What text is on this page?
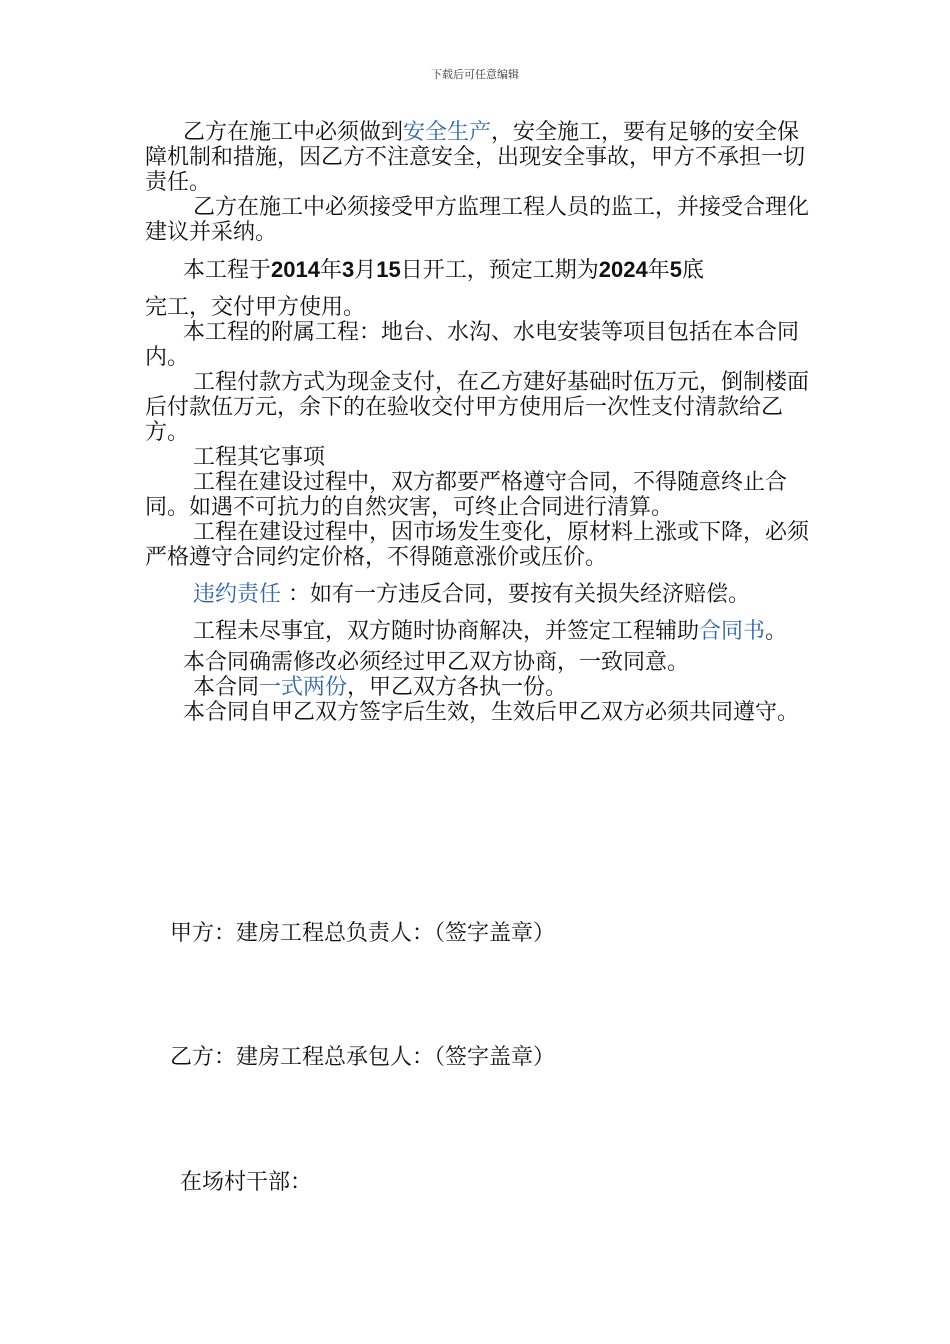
下载后可任意编辑

乙方在施工中必须做到安全生产，安全施工，要有足够的安全保障机制和措施，因乙方不注意安全，出现安全事故，甲方不承担一切责任。

乙方在施工中必须接受甲方监理工程人员的监工，并接受合理化建议并采纳。

本工程于2014年3月15日开工，预定工期为2024年5底

完工，交付甲方使用。

本工程的附属工程：地台、水沟、水电安装等项目包括在本合同内。

工程付款方式为现金支付，在乙方建好基础时伍万元，倒制楼面后付款伍万元，余下的在验收交付甲方使用后一次性支付清款给乙方。

工程其它事项

工程在建设过程中，双方都要严格遵守合同，不得随意终止合同。如遇不可抗力的自然灾害，可终止合同进行清算。

工程在建设过程中，因市场发生变化，原材料上涨或下降，必须严格遵守合同约定价格，不得随意涨价或压价。

违约责任 ：如有一方违反合同，要按有关损失经济赔偿。

工程未尽事宜，双方随时协商解决，并签定工程辅助合同书。

本合同确需修改必须经过甲乙双方协商，一致同意。

本合同一式两份，甲乙双方各执一份。

本合同自甲乙双方签字后生效，生效后甲乙双方必须共同遵守。

甲方：建房工程总负责人：（签字盖章）
乙方：建房工程总承包人：（签字盖章）
在场村干部：
